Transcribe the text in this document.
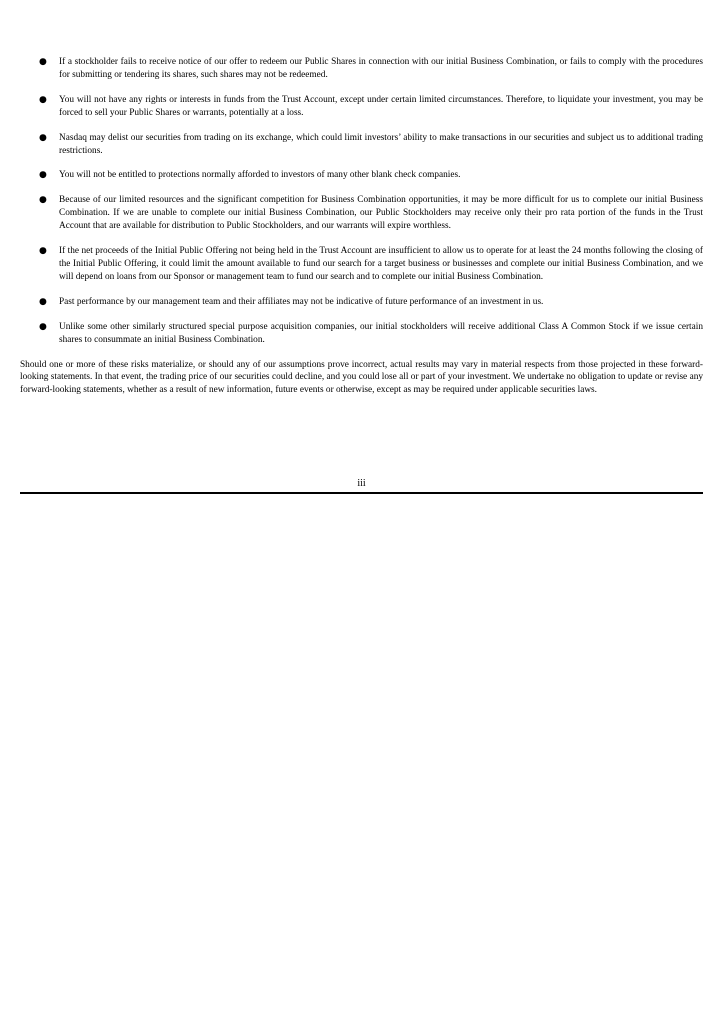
● If a stockholder fails to receive notice of our offer to redeem our Public Shares in connection with our initial Business Combination, or fails to comply with the procedures for submitting or tendering its shares, such shares may not be redeemed.
● You will not have any rights or interests in funds from the Trust Account, except under certain limited circumstances. Therefore, to liquidate your investment, you may be forced to sell your Public Shares or warrants, potentially at a loss.
● Nasdaq may delist our securities from trading on its exchange, which could limit investors’ ability to make transactions in our securities and subject us to additional trading restrictions.
● You will not be entitled to protections normally afforded to investors of many other blank check companies.
● Because of our limited resources and the significant competition for Business Combination opportunities, it may be more difficult for us to complete our initial Business Combination. If we are unable to complete our initial Business Combination, our Public Stockholders may receive only their pro rata portion of the funds in the Trust Account that are available for distribution to Public Stockholders, and our warrants will expire worthless.
● If the net proceeds of the Initial Public Offering not being held in the Trust Account are insufficient to allow us to operate for at least the 24 months following the closing of the Initial Public Offering, it could limit the amount available to fund our search for a target business or businesses and complete our initial Business Combination, and we will depend on loans from our Sponsor or management team to fund our search and to complete our initial Business Combination.
● Past performance by our management team and their affiliates may not be indicative of future performance of an investment in us.
● Unlike some other similarly structured special purpose acquisition companies, our initial stockholders will receive additional Class A Common Stock if we issue certain shares to consummate an initial Business Combination.

Should one or more of these risks materialize, or should any of our assumptions prove incorrect, actual results may vary in material respects from those projected in these forward-looking statements. In that event, the trading price of our securities could decline, and you could lose all or part of your investment. We undertake no obligation to update or revise any forward-looking statements, whether as a result of new information, future events or otherwise, except as may be required under applicable securities laws.

iii
